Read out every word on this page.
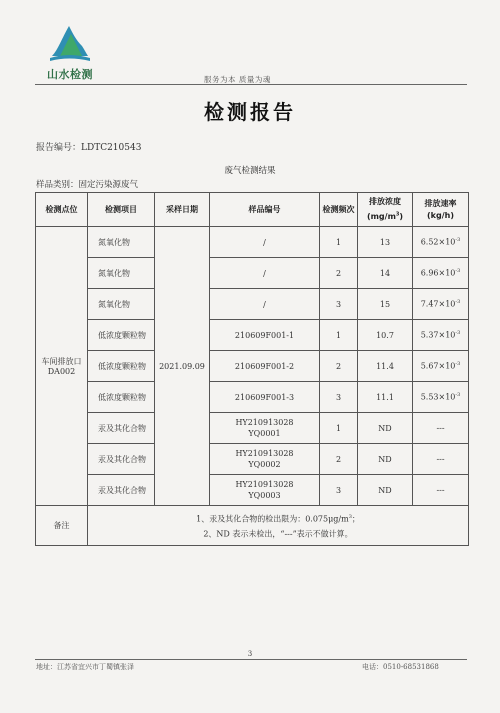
山水检测	服务为本 质量为魂
检测报告
报告编号：LDTC210543
废气检测结果
样品类别：固定污染源废气
检测点位	检测项目	采样日期	样品编号	检测频次	排放浓度
$(mg/m^3)$	排放速率
(kg/h)
车间排放口 DA002	氮氧化物	2021.09.09	/	1	13	$6.52\times 10^{-3}$
	氮氧化物		/	2	14	$6.96\times 10^{-3}$
	氮氧化物		/	3	15	$7.47\times 10^{-3}$
	低浓度颗粒物		210609F001-1	1	10.7	$5.37\times 10^{-3}$
	低浓度颗粒物		210609F001-2	2	11.4	$5.67\times 10^{-3}$
	低浓度颗粒物		210609F001-3	3	11.1	$5.53\times 10^{-3}$
	汞及其化合物		HY210913028
YQ0001	1	ND	---
	汞及其化合物		HY210913028
YQ0002	2	ND	---
	汞及其化合物		HY210913028
YQ0003	3	ND	---
备注	1、汞及其化合物的检出限为：$0.075\mu g/m^3$；
2、ND 表示未检出，“---”表示不做计算。					
3
地址：江苏省宜兴市丁蜀镇张泽	电话：0510-68531868
